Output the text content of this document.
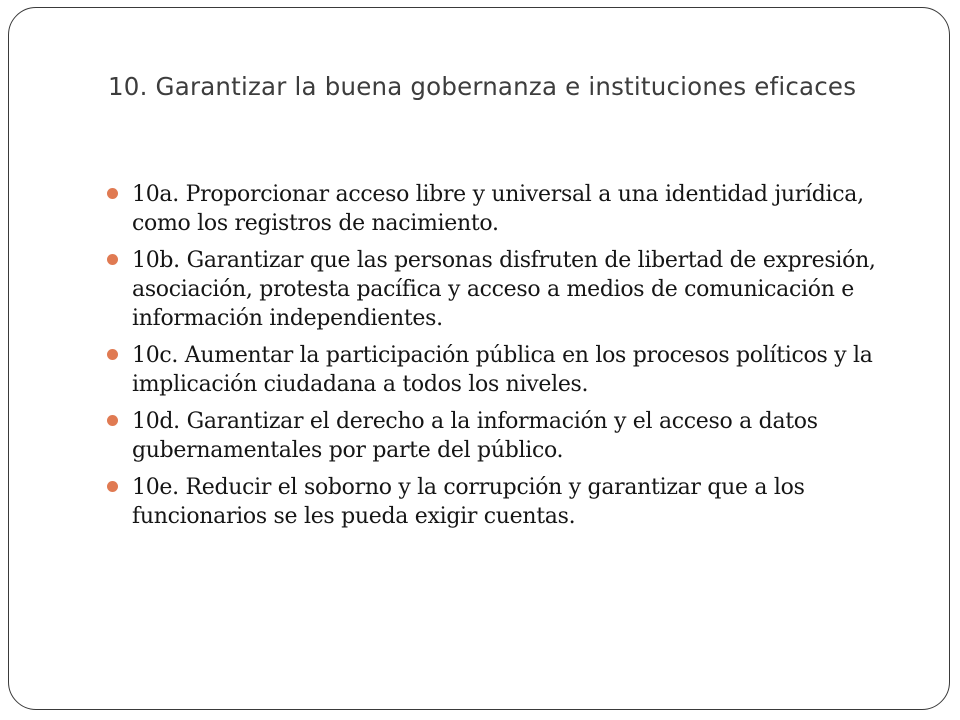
10. Garantizar la buena gobernanza e instituciones eficaces
10a. Proporcionar acceso libre y universal a una identidad jurídica, como los registros de nacimiento.
10b. Garantizar que las personas disfruten de libertad de expresión, asociación, protesta pacífica y acceso a medios de comunicación e información independientes.
10c. Aumentar la participación pública en los procesos políticos y la implicación ciudadana a todos los niveles.
10d. Garantizar el derecho a la información y el acceso a datos gubernamentales por parte del público.
10e. Reducir el soborno y la corrupción y garantizar que a los funcionarios se les pueda exigir cuentas.
